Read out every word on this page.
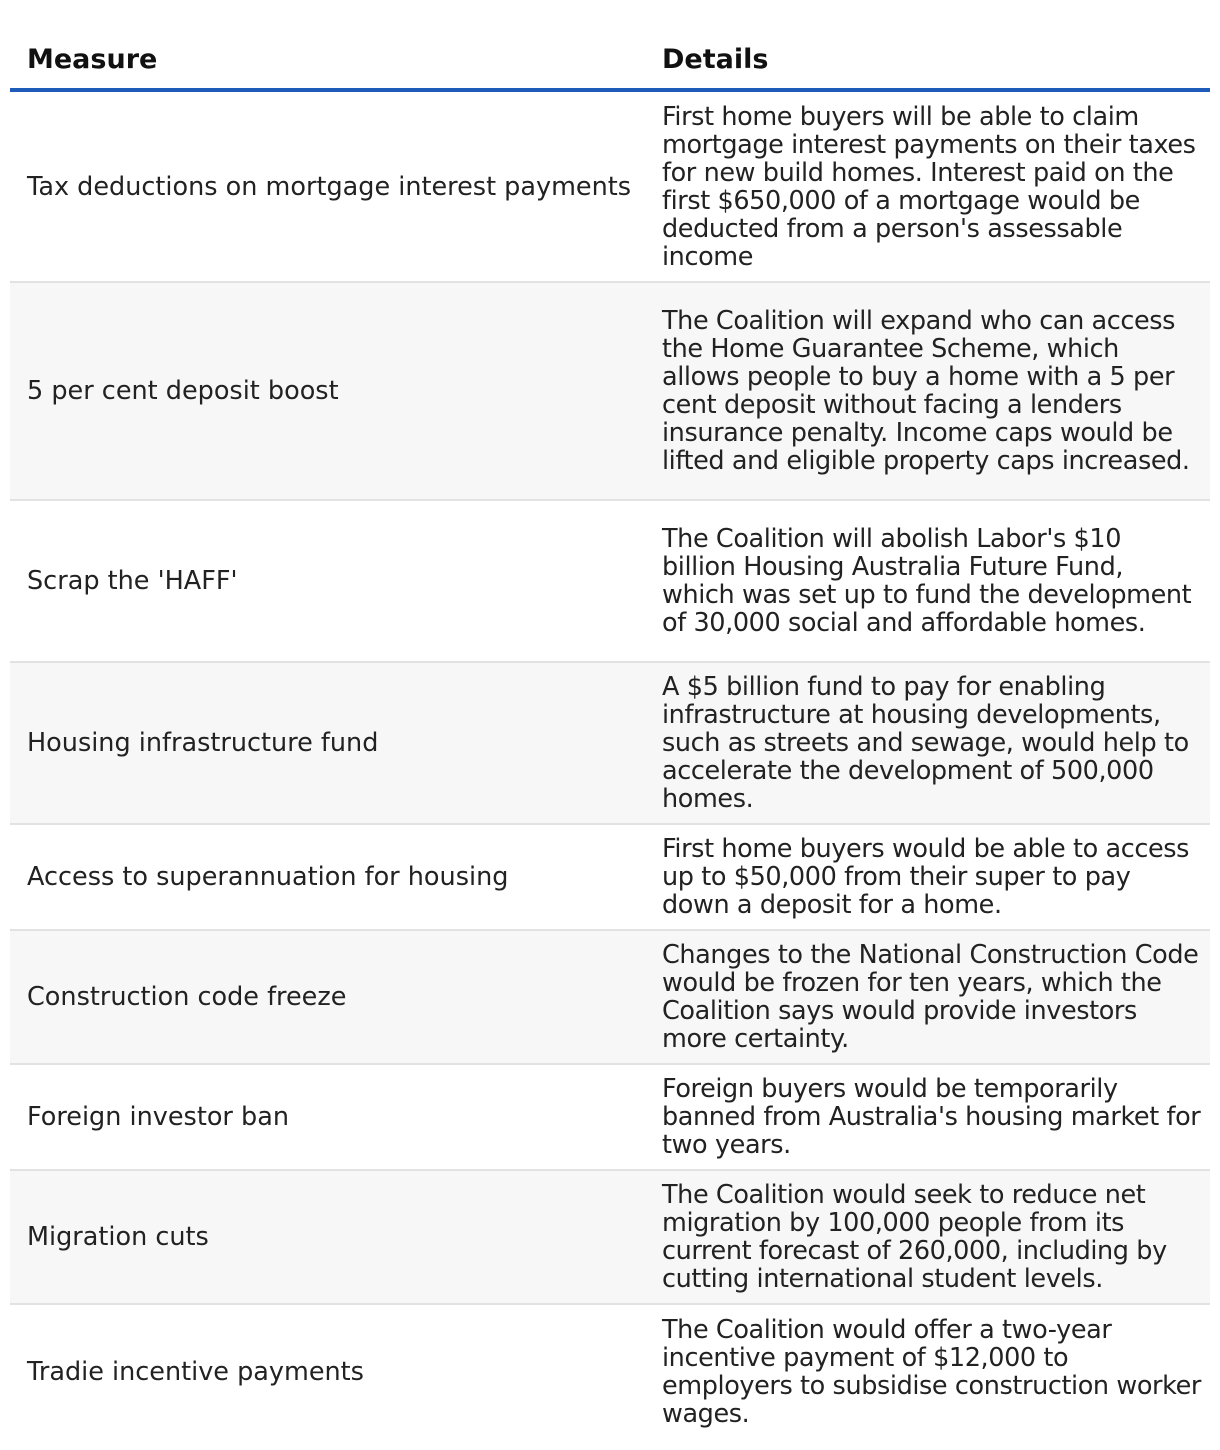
Measure	Details
Tax deductions on mortgage interest payments
First home buyers will be able to claim mortgage interest payments on their taxes for new build homes. Interest paid on the first $650,000 of a mortgage would be deducted from a person's assessable income
5 per cent deposit boost
The Coalition will expand who can access the Home Guarantee Scheme, which allows people to buy a home with a 5 per cent deposit without facing a lenders insurance penalty. Income caps would be lifted and eligible property caps increased.
Scrap the 'HAFF'
The Coalition will abolish Labor's $10 billion Housing Australia Future Fund, which was set up to fund the development of 30,000 social and affordable homes.
Housing infrastructure fund
A $5 billion fund to pay for enabling infrastructure at housing developments, such as streets and sewage, would help to accelerate the development of 500,000 homes.
Access to superannuation for housing
First home buyers would be able to access up to $50,000 from their super to pay down a deposit for a home.
Construction code freeze
Changes to the National Construction Code would be frozen for ten years, which the Coalition says would provide investors more certainty.
Foreign investor ban
Foreign buyers would be temporarily banned from Australia's housing market for two years.
Migration cuts
The Coalition would seek to reduce net migration by 100,000 people from its current forecast of 260,000, including by cutting international student levels.
Tradie incentive payments
The Coalition would offer a two-year incentive payment of $12,000 to employers to subsidise construction worker wages.
